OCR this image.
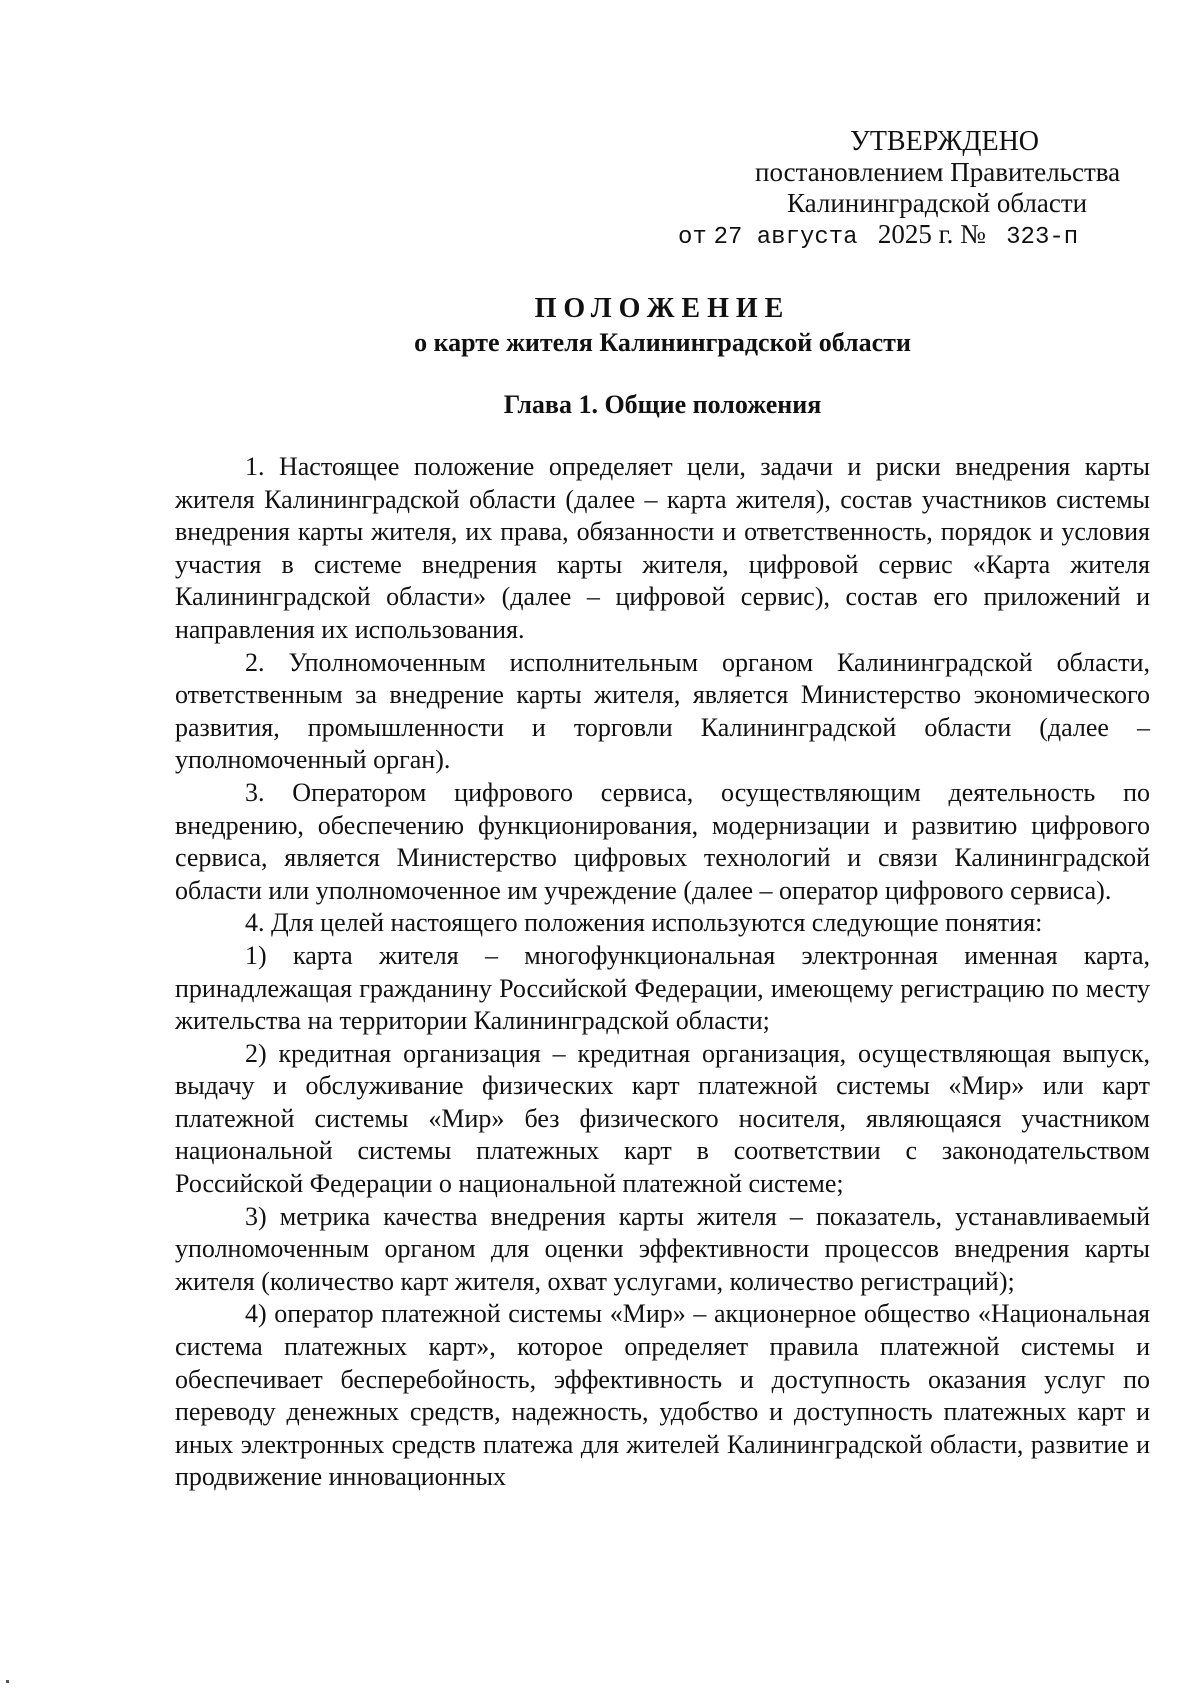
УТВЕРЖДЕНО
постановлением Правительства
Калининградской области
от 27 августа 2025 г. № 323-п
ПОЛОЖЕНИЕ
о карте жителя Калининградской области
Глава 1. Общие положения

1. Настоящее положение определяет цели, задачи и риски внедрения карты жителя Калининградской области (далее – карта жителя), состав участников системы внедрения карты жителя, их права, обязанности и ответственность, порядок и условия участия в системе внедрения карты жителя, цифровой сервис «Карта жителя Калининградской области» (далее – цифровой сервис), состав его приложений и направления их использования.

2. Уполномоченным исполнительным органом Калининградской области, ответственным за внедрение карты жителя, является Министерство экономического развития, промышленности и торговли Калининградской области (далее – уполномоченный орган).

3. Оператором цифрового сервиса, осуществляющим деятельность по внедрению, обеспечению функционирования, модернизации и развитию цифрового сервиса, является Министерство цифровых технологий и связи Калининградской области или уполномоченное им учреждение (далее – оператор цифрового сервиса).

4. Для целей настоящего положения используются следующие понятия:

1) карта жителя – многофункциональная электронная именная карта, принадлежащая гражданину Российской Федерации, имеющему регистрацию по месту жительства на территории Калининградской области;

2) кредитная организация – кредитная организация, осуществляющая выпуск, выдачу и обслуживание физических карт платежной системы «Мир» или карт платежной системы «Мир» без физического носителя, являющаяся участником национальной системы платежных карт в соответствии с законодательством Российской Федерации о национальной платежной системе;

3) метрика качества внедрения карты жителя – показатель, устанавливаемый уполномоченным органом для оценки эффективности процессов внедрения карты жителя (количество карт жителя, охват услугами, количество регистраций);

4) оператор платежной системы «Мир» – акционерное общество «Национальная система платежных карт», которое определяет правила платежной системы и обеспечивает бесперебойность, эффективность и доступность оказания услуг по переводу денежных средств, надежность, удобство и доступность платежных карт и иных электронных средств платежа для жителей Калининградской области, развитие и продвижение инновационных
